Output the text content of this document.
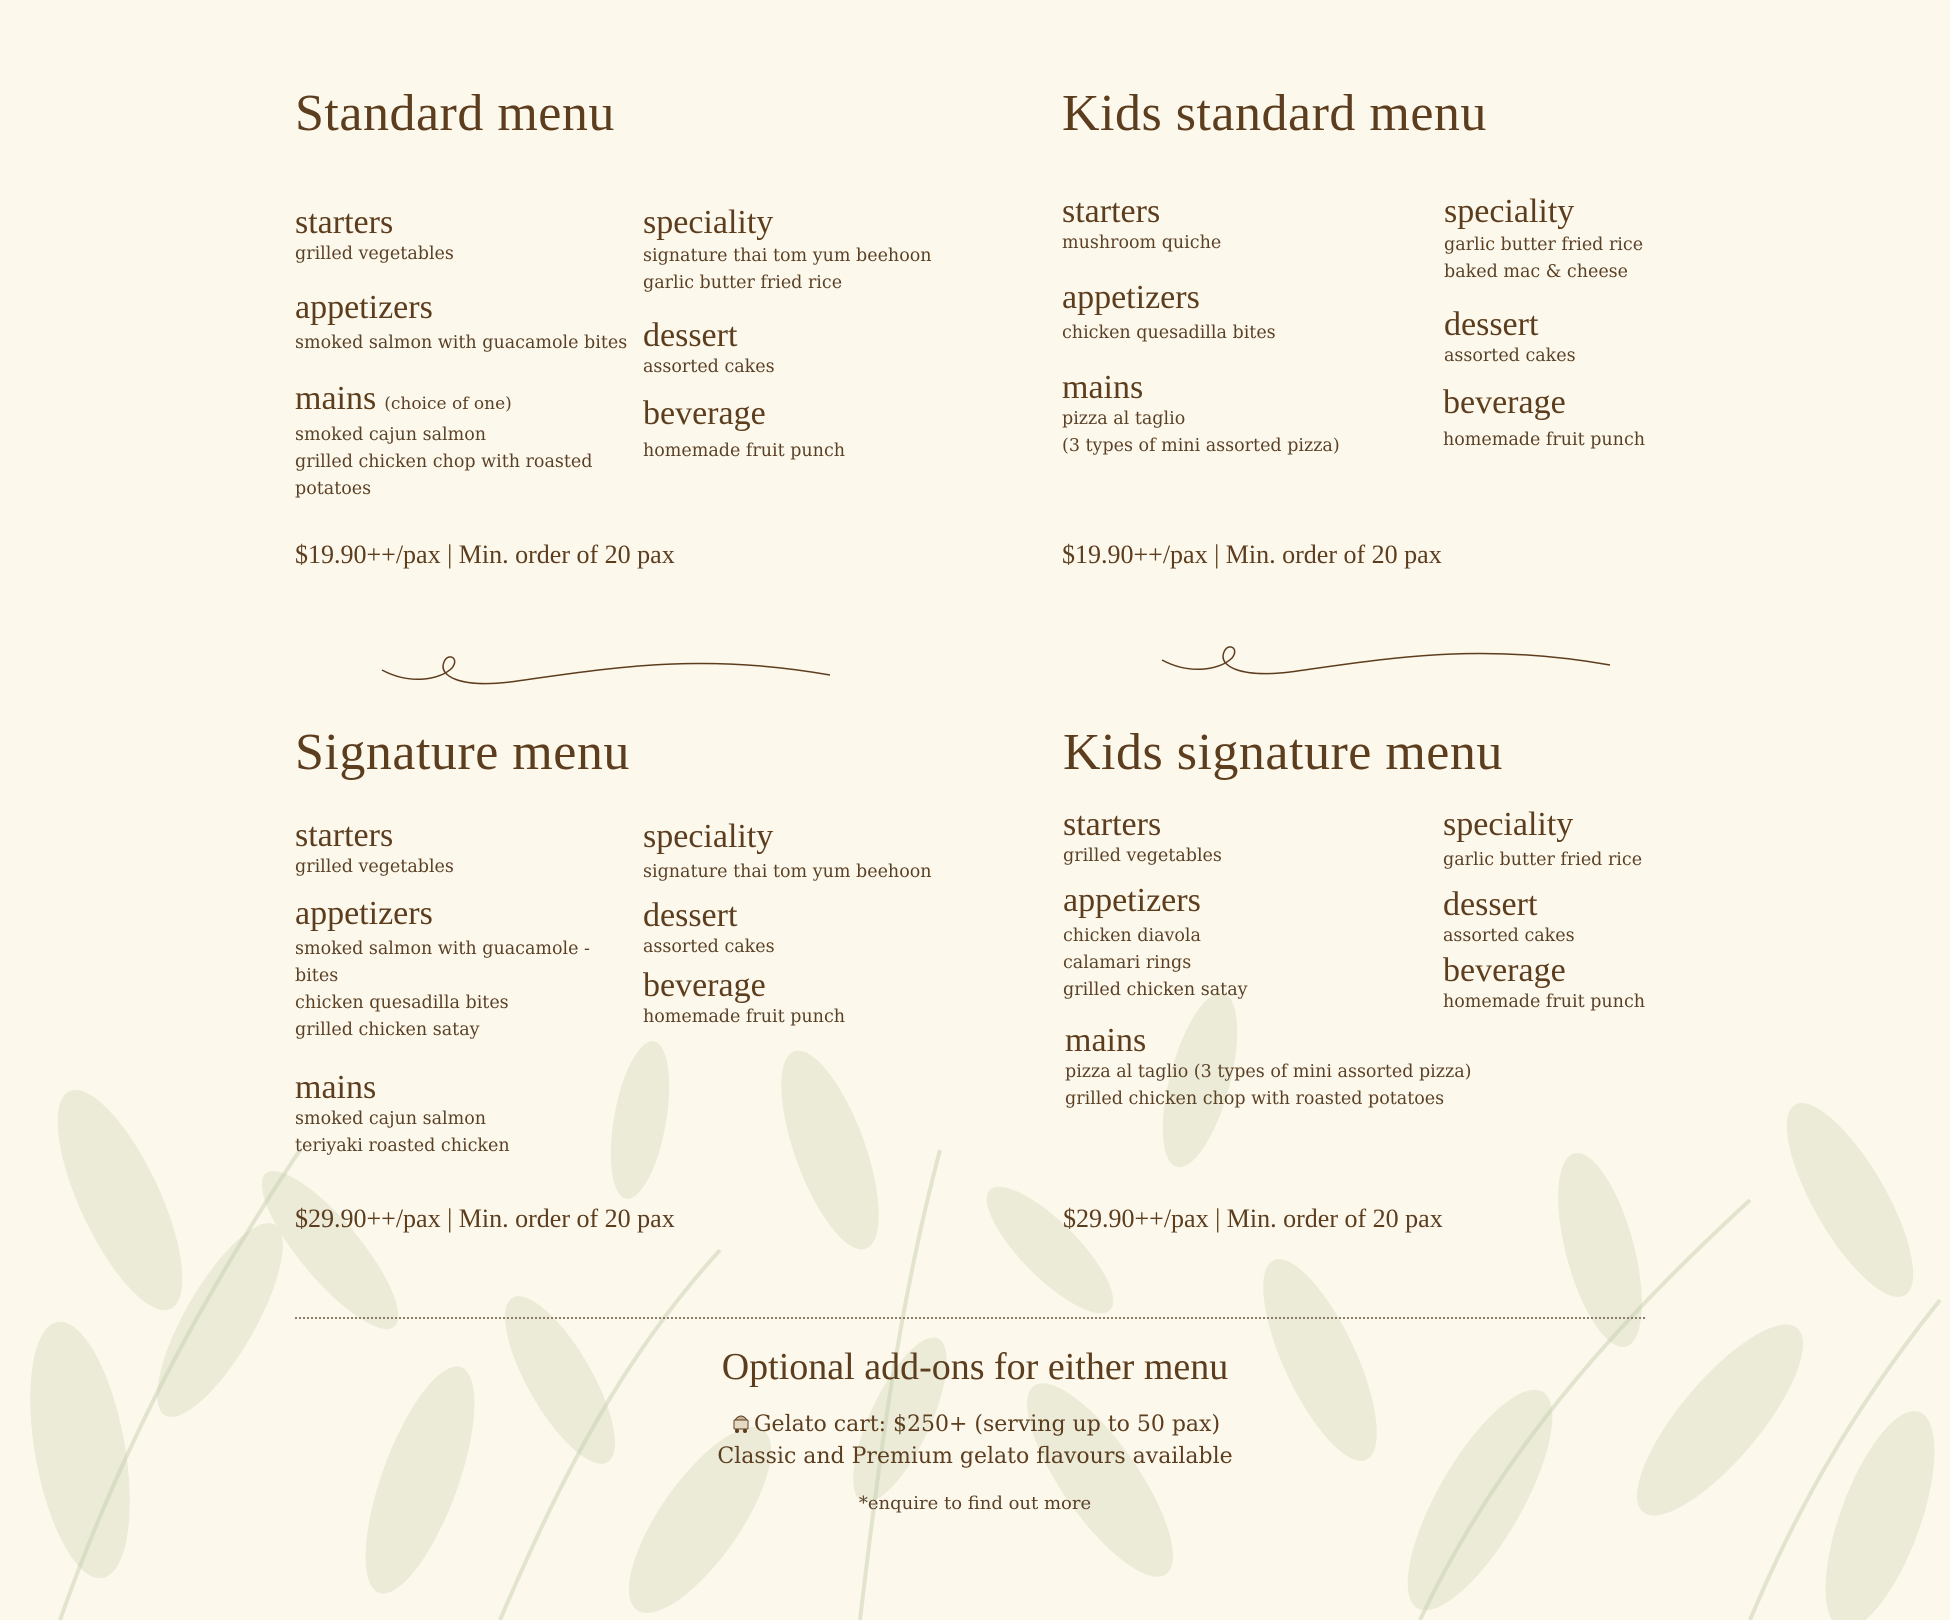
Standard menu
starters
grilled vegetables
appetizers
smoked salmon with guacamole bites
mains (choice of one)
smoked cajun salmon
grilled chicken chop with roasted
potatoes
speciality
signature thai tom yum beehoon
garlic butter fried rice
dessert
assorted cakes
beverage
homemade fruit punch
$19.90++/pax | Min. order of 20 pax
Kids standard menu
starters
mushroom quiche
appetizers
chicken quesadilla bites
mains
pizza al taglio
(3 types of mini assorted pizza)
speciality
garlic butter fried rice
baked mac & cheese
dessert
assorted cakes
beverage
homemade fruit punch
$19.90++/pax | Min. order of 20 pax
Signature menu
starters
grilled vegetables
appetizers
smoked salmon with guacamole -
bites
chicken quesadilla bites
grilled chicken satay
mains
smoked cajun salmon
teriyaki roasted chicken
speciality
signature thai tom yum beehoon
dessert
assorted cakes
beverage
homemade fruit punch
$29.90++/pax | Min. order of 20 pax
Kids signature menu
starters
grilled vegetables
appetizers
chicken diavola
calamari rings
grilled chicken satay
mains
pizza al taglio (3 types of mini assorted pizza)
grilled chicken chop with roasted potatoes
speciality
garlic butter fried rice
dessert
assorted cakes
beverage
homemade fruit punch
$29.90++/pax | Min. order of 20 pax
Optional add-ons for either menu
Gelato cart: $250+ (serving up to 50 pax)
Classic and Premium gelato flavours available
*enquire to find out more
